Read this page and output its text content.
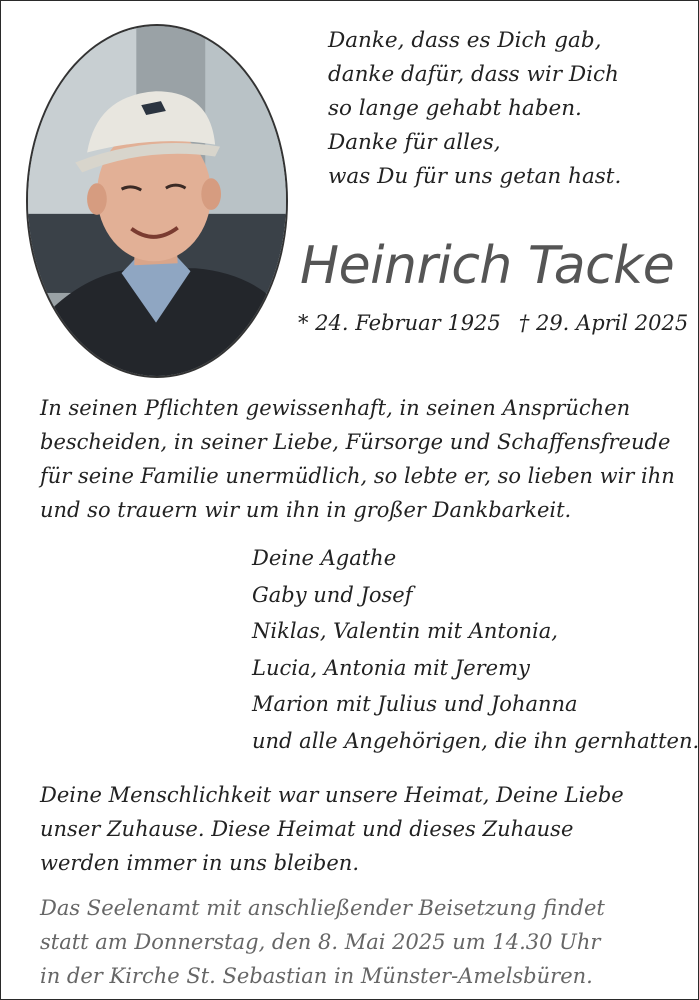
Danke, dass es Dich gab,
danke dafür, dass wir Dich
so lange gehabt haben.
Danke für alles,
was Du für uns getan hast.
Heinrich Tacke
* 24. Februar 1925 † 29. April 2025
In seinen Pflichten gewissenhaft, in seinen Ansprüchen
bescheiden, in seiner Liebe, Fürsorge und Schaffensfreude
für seine Familie unermüdlich, so lebte er, so lieben wir ihn
und so trauern wir um ihn in großer Dankbarkeit.
Deine Agathe
Gaby und Josef
Niklas, Valentin mit Antonia,
Lucia, Antonia mit Jeremy
Marion mit Julius und Johanna
und alle Angehörigen, die ihn gernhatten.
Deine Menschlichkeit war unsere Heimat, Deine Liebe
unser Zuhause. Diese Heimat und dieses Zuhause
werden immer in uns bleiben.
Das Seelenamt mit anschließender Beisetzung findet
statt am Donnerstag, den 8. Mai 2025 um 14.30 Uhr
in der Kirche St. Sebastian in Münster-Amelsbüren.
